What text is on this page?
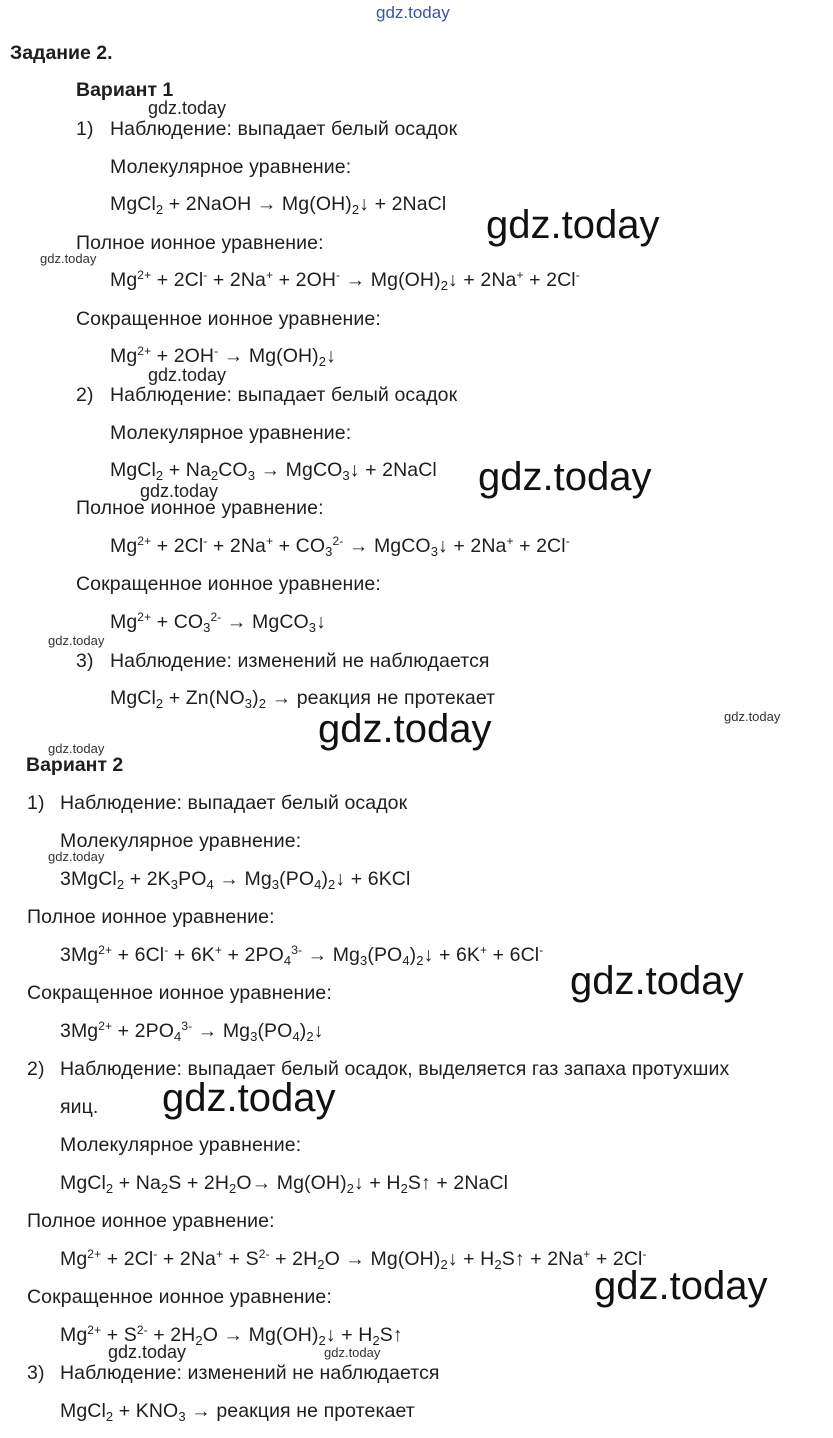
gdz.today
Задание 2.
Вариант 1
gdz.today
1) Наблюдение: выпадает белый осадок
Молекулярное уравнение:
MgCl$_2$ + 2NaOH → $Mg(OH)_2↓$ + 2NaCl gdz.today
Полное ионное уравнение:
gdz.today
$Mg^{2+} + 2Cl^- + 2Na^+ + 2OH^-$ → $Mg(OH)_2↓ + 2Na^+ + 2Cl^-$
Сокращенное ионное уравнение:
$Mg^{2+} + 2OH^-$ → $Mg(OH)_2↓$
gdz.today
2) Наблюдение: выпадает белый осадок
Молекулярное уравнение:
MgCl$_2$ + $Na_2CO_3$ → MgCO$_3$↓ + 2NaCl gdz.today
gdz.today
Полное ионное уравнение:
$Mg^{2+} + 2Cl^- + 2Na^+ + CO_3^{2-}$ → MgCO$_3$↓ + 2Na+ + 2Cl-
Сокращенное ионное уравнение:
$Mg^{2+} + CO_3^{2-}$ → MgCO$_3$↓
gdz.today
3) Наблюдение: изменений не наблюдается
MgCl$_2$ + $Zn(NO_3)_2$ → реакция не протекает
gdz.today
gdz.today
gdz.today
Вариант 2
1) Наблюдение: выпадает белый осадок
Молекулярное уравнение:
gdz.today
3MgCl$_2$ + $2K_3PO_4$ → $Mg_3(PO_4)_2↓ + 6KCl$
Полное ионное уравнение:
$3Mg^{2+} + 6Cl^- + 6K^+ + 2PO_4^{3-}$ → $Mg_3(PO_4)_2↓ + 6K^+ + 6Cl^-$
gdz.today
Сокращенное ионное уравнение:
$3Mg^{2+} + 2PO_4^{3-}$ → $Mg_3(PO_4)_2↓$
2) Наблюдение: выпадает белый осадок, выделяется газ запаха протухших
яиц. gdz.today
Молекулярное уравнение:
MgCl$_2$ + $Na_2S + 2H_2O\to$ $Mg(OH)_2↓$ + $H_2S↑$ + 2NaCl
Полное ионное уравнение:
$Mg^{2+} + 2Cl^- + 2Na^+ + S^{2-} + 2H_2O$ → $Mg(OH)_2↓$ + $H_2S↑ + 2Na^+ + 2Cl^-$
gdz.today
Сокращенное ионное уравнение:
$Mg^{2+} + S^{2-} + 2H_2O$ → $Mg(OH)_2↓$ + $H_2S↑$
gdz.today	gdz.today
3) Наблюдение: изменений не наблюдается
MgCl$_2$ + $KNO_3$ → реакция не протекает
